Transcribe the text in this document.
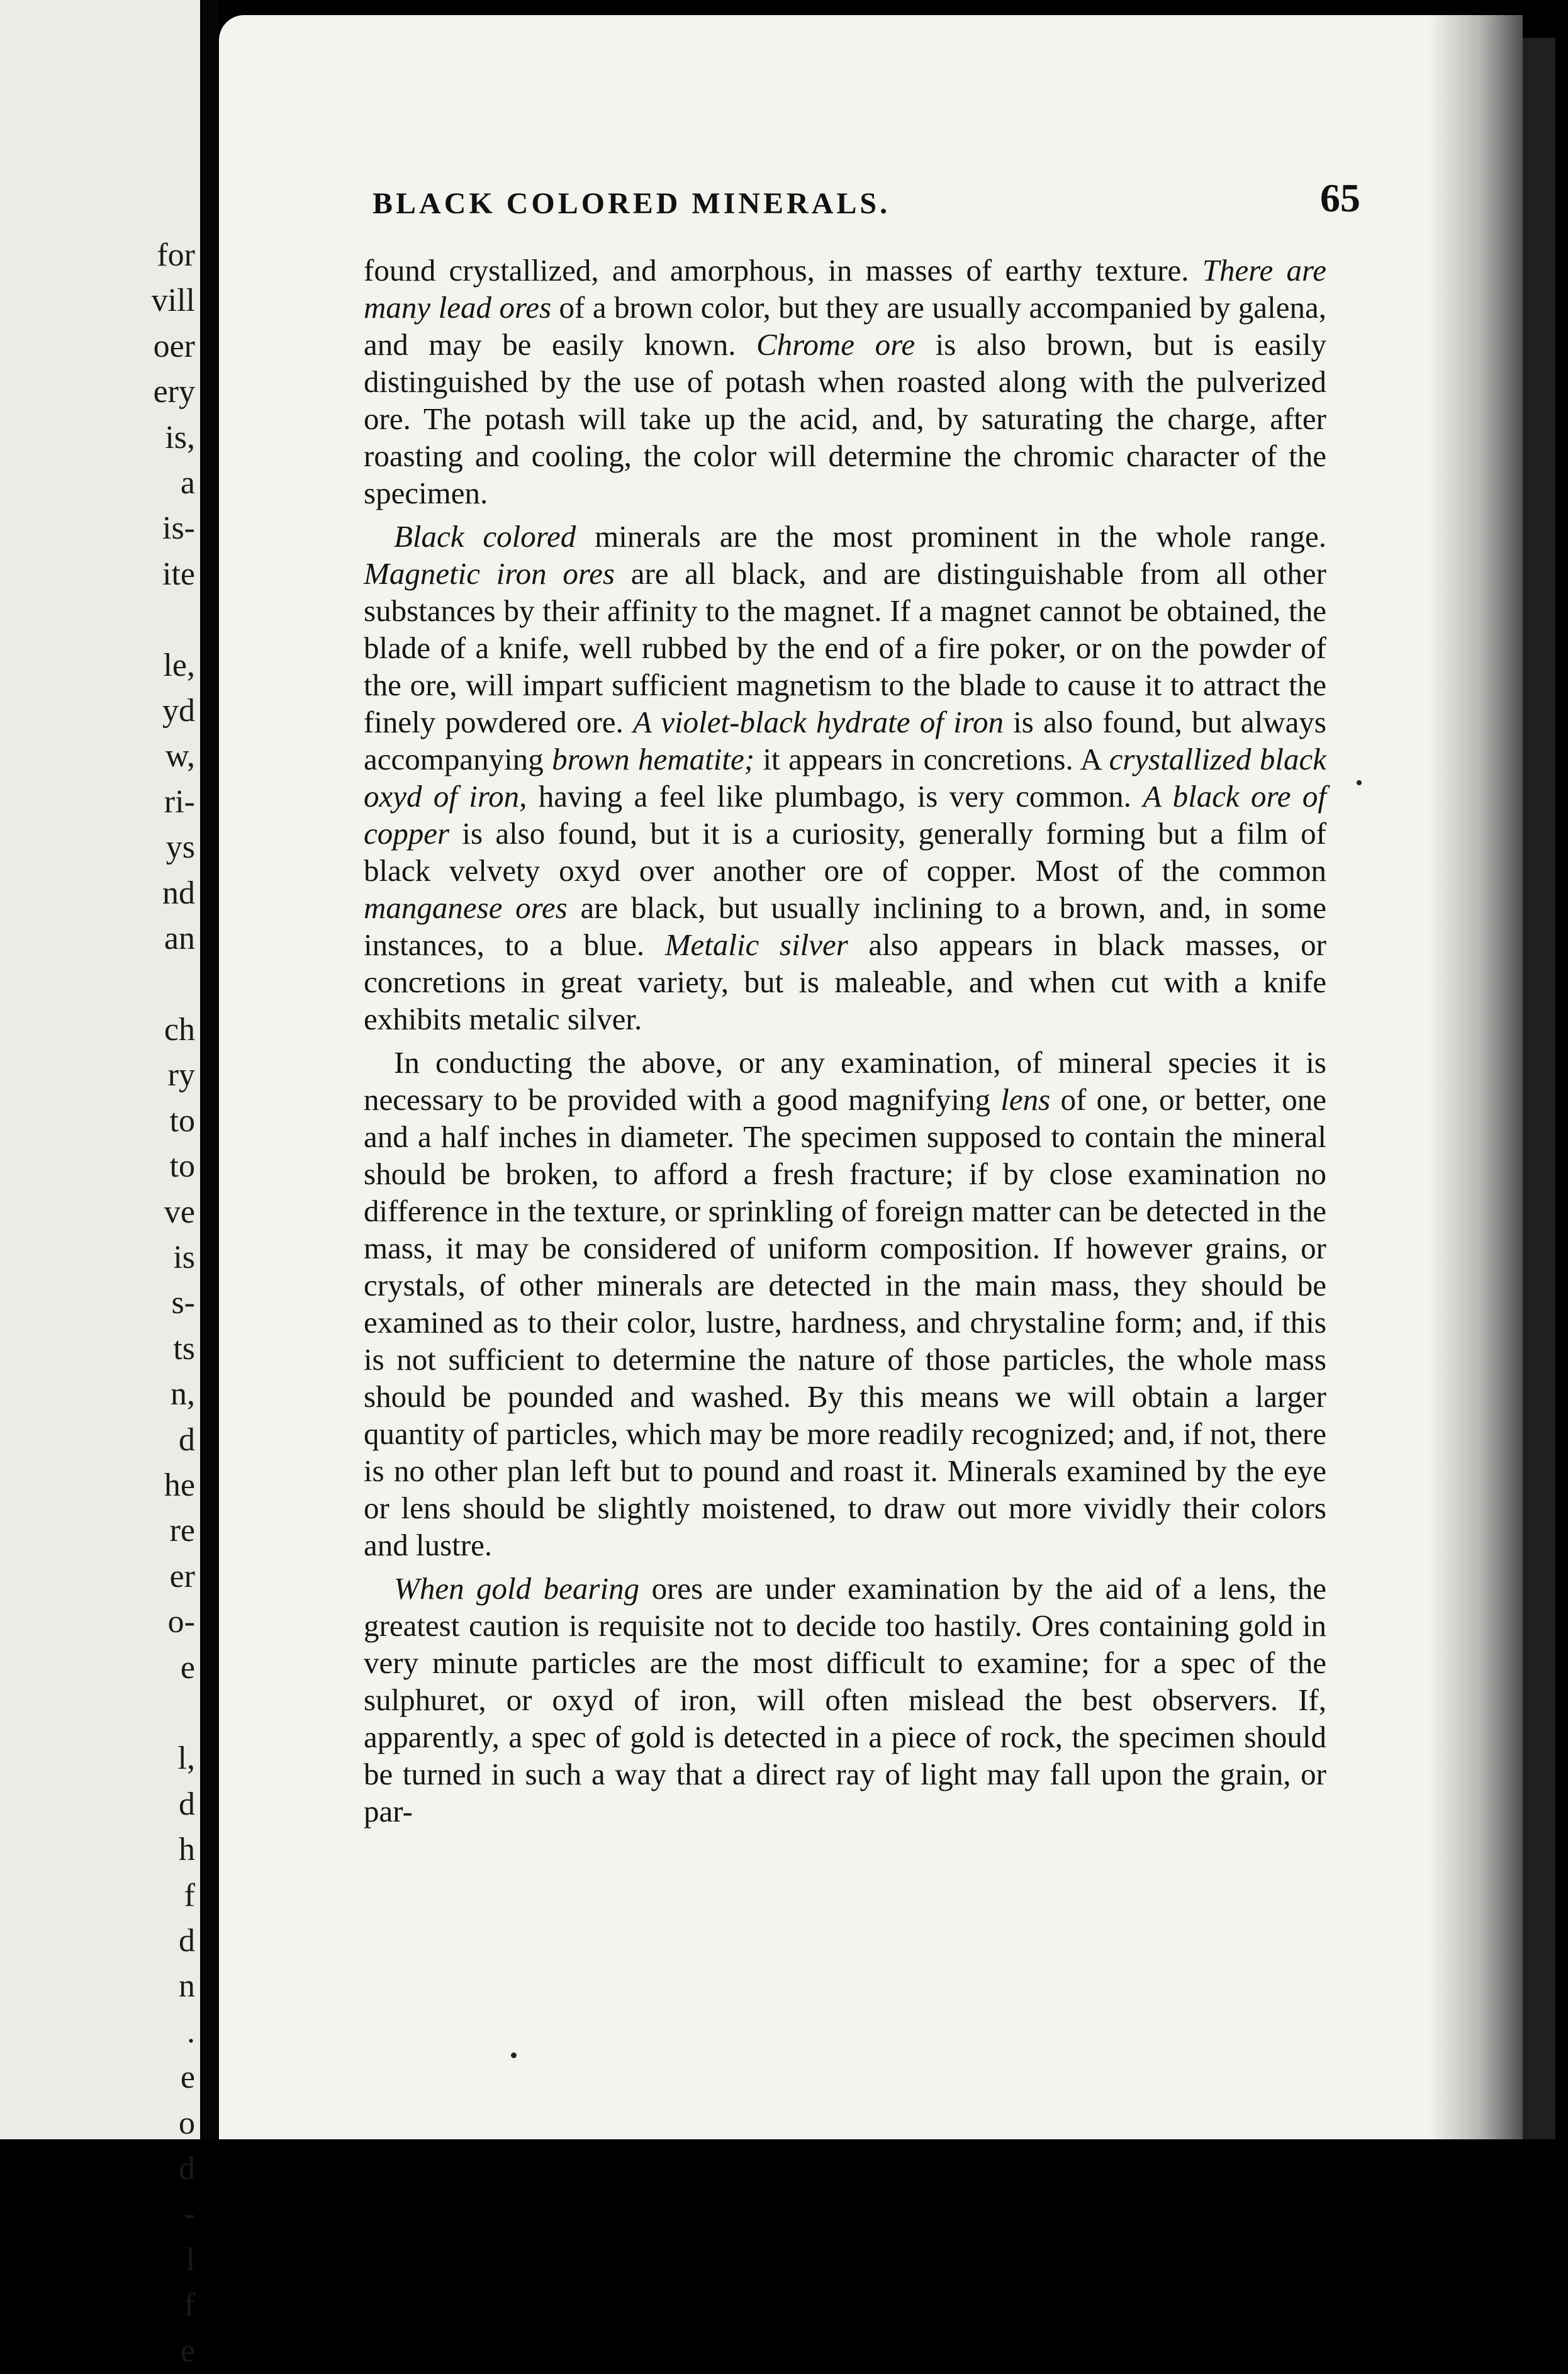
for
vill
oer
ery
is,
a
is-
ite

le,
yd
w,
ri-
ys
nd
an

ch
ry
to
to
ve
is
s-
ts
n,
d
he
re
er
o-
e

l,
d
h
f
d
n
.
e
o
d
-
l
f
e
BLACK COLORED MINERALS.	65

found crystallized, and amorphous, in masses of earthy texture. There are many lead ores of a brown color, but they are usually accompanied by galena, and may be easily known. Chrome ore is also brown, but is easily distinguished by the use of potash when roasted along with the pulverized ore. The potash will take up the acid, and, by saturating the charge, after roasting and cooling, the color will determine the chromic character of the specimen.

Black colored minerals are the most prominent in the whole range. Magnetic iron ores are all black, and are distinguishable from all other substances by their affinity to the magnet. If a magnet cannot be obtained, the blade of a knife, well rubbed by the end of a fire poker, or on the powder of the ore, will impart sufficient magnetism to the blade to cause it to attract the finely powdered ore. A violet-black hydrate of iron is also found, but always accompanying brown hematite; it appears in concretions. A crystallized black oxyd of iron, having a feel like plumbago, is very common. A black ore of copper is also found, but it is a curiosity, generally forming but a film of black velvety oxyd over another ore of copper. Most of the common manganese ores are black, but usually inclining to a brown, and, in some instances, to a blue. Metalic silver also appears in black masses, or concretions in great variety, but is maleable, and when cut with a knife exhibits metalic silver.

In conducting the above, or any examination, of mineral species it is necessary to be provided with a good magnifying lens of one, or better, one and a half inches in diameter. The specimen supposed to contain the mineral should be broken, to afford a fresh fracture; if by close examination no difference in the texture, or sprinkling of foreign matter can be detected in the mass, it may be considered of uniform composition. If however grains, or crystals, of other minerals are detected in the main mass, they should be examined as to their color, lustre, hardness, and chrystaline form; and, if this is not sufficient to determine the nature of those particles, the whole mass should be pounded and washed. By this means we will obtain a larger quantity of particles, which may be more readily recognized; and, if not, there is no other plan left but to pound and roast it. Minerals examined by the eye or lens should be slightly moistened, to draw out more vividly their colors and lustre.

When gold bearing ores are under examination by the aid of a lens, the greatest caution is requisite not to decide too hastily. Ores containing gold in very minute particles are the most difficult to examine; for a spec of the sulphuret, or oxyd of iron, will often mislead the best observers. If, apparently, a spec of gold is detected in a piece of rock, the specimen should be turned in such a way that a direct ray of light may fall upon the grain, or par-
